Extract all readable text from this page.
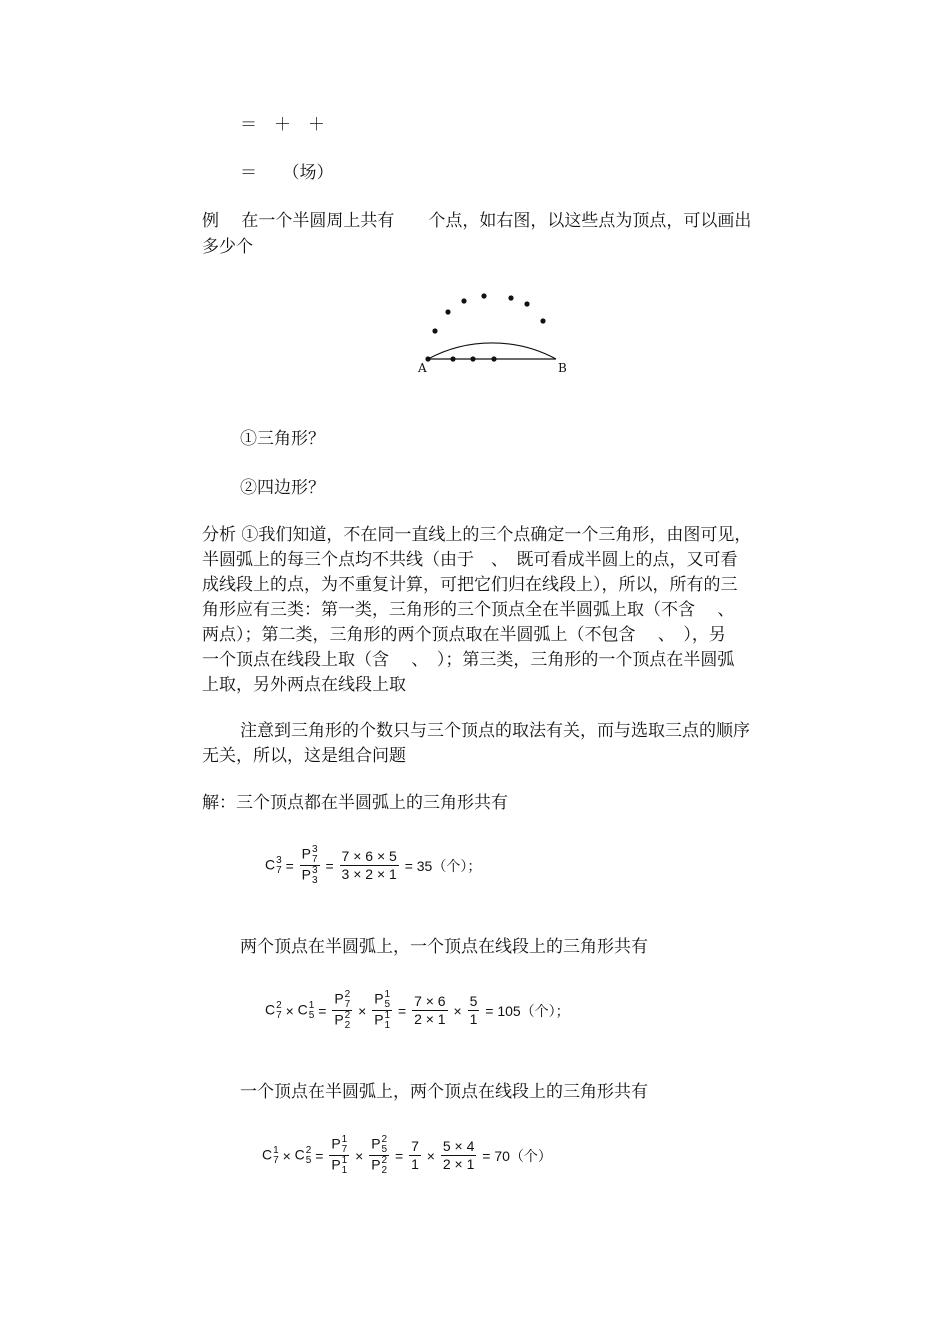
＝　＋　＋
＝　　（场）
例　 在一个半圆周上共有　　个点，如右图，以这些点为顶点，可以画出
多少个
A	B
①三角形？
②四边形？
分析 ①我们知道，不在同一直线上的三个点确定一个三角形，由图可见，
半圆弧上的每三个点均不共线（由于　、　既可看成半圆上的点，又可看
成线段上的点，为不重复计算，可把它们归在线段上），所以，所有的三
角形应有三类：第一类，三角形的三个顶点全在半圆弧上取（不含　 、
两点）；第二类，三角形的两个顶点取在半圆弧上（不包含　 、　），另
一个顶点在线段上取（含　 、　）；第三类，三角形的一个顶点在半圆弧
上取，另外两点在线段上取
注意到三角形的个数只与三个顶点的取法有关，而与选取三点的顺序
无关，所以，这是组合问题
解：三个顶点都在半圆弧上的三角形共有
C 3
7 = P 3
7
P 3
$3 = \frac{7 \times 6 \times 5}{3 \times 2 \times 1} = 35$（个）；
两个顶点在半圆弧上，一个顶点在线段上的三角形共有
C 2
7 × C 1
5 = P 2
7
P 2
2 × P 1
5
P 1
$1 = \frac{7 \times 6}{2 \times 1} \times \frac{5}{1} = 105$（个）；
一个顶点在半圆弧上，两个顶点在线段上的三角形共有
C 1
7 × C 2
5 = P 1
7
P 1
1 × P 2
5
P 2
$2 = \frac{7}{1} \times \frac{5 \times 4}{2 \times 1} = 70$（个）
